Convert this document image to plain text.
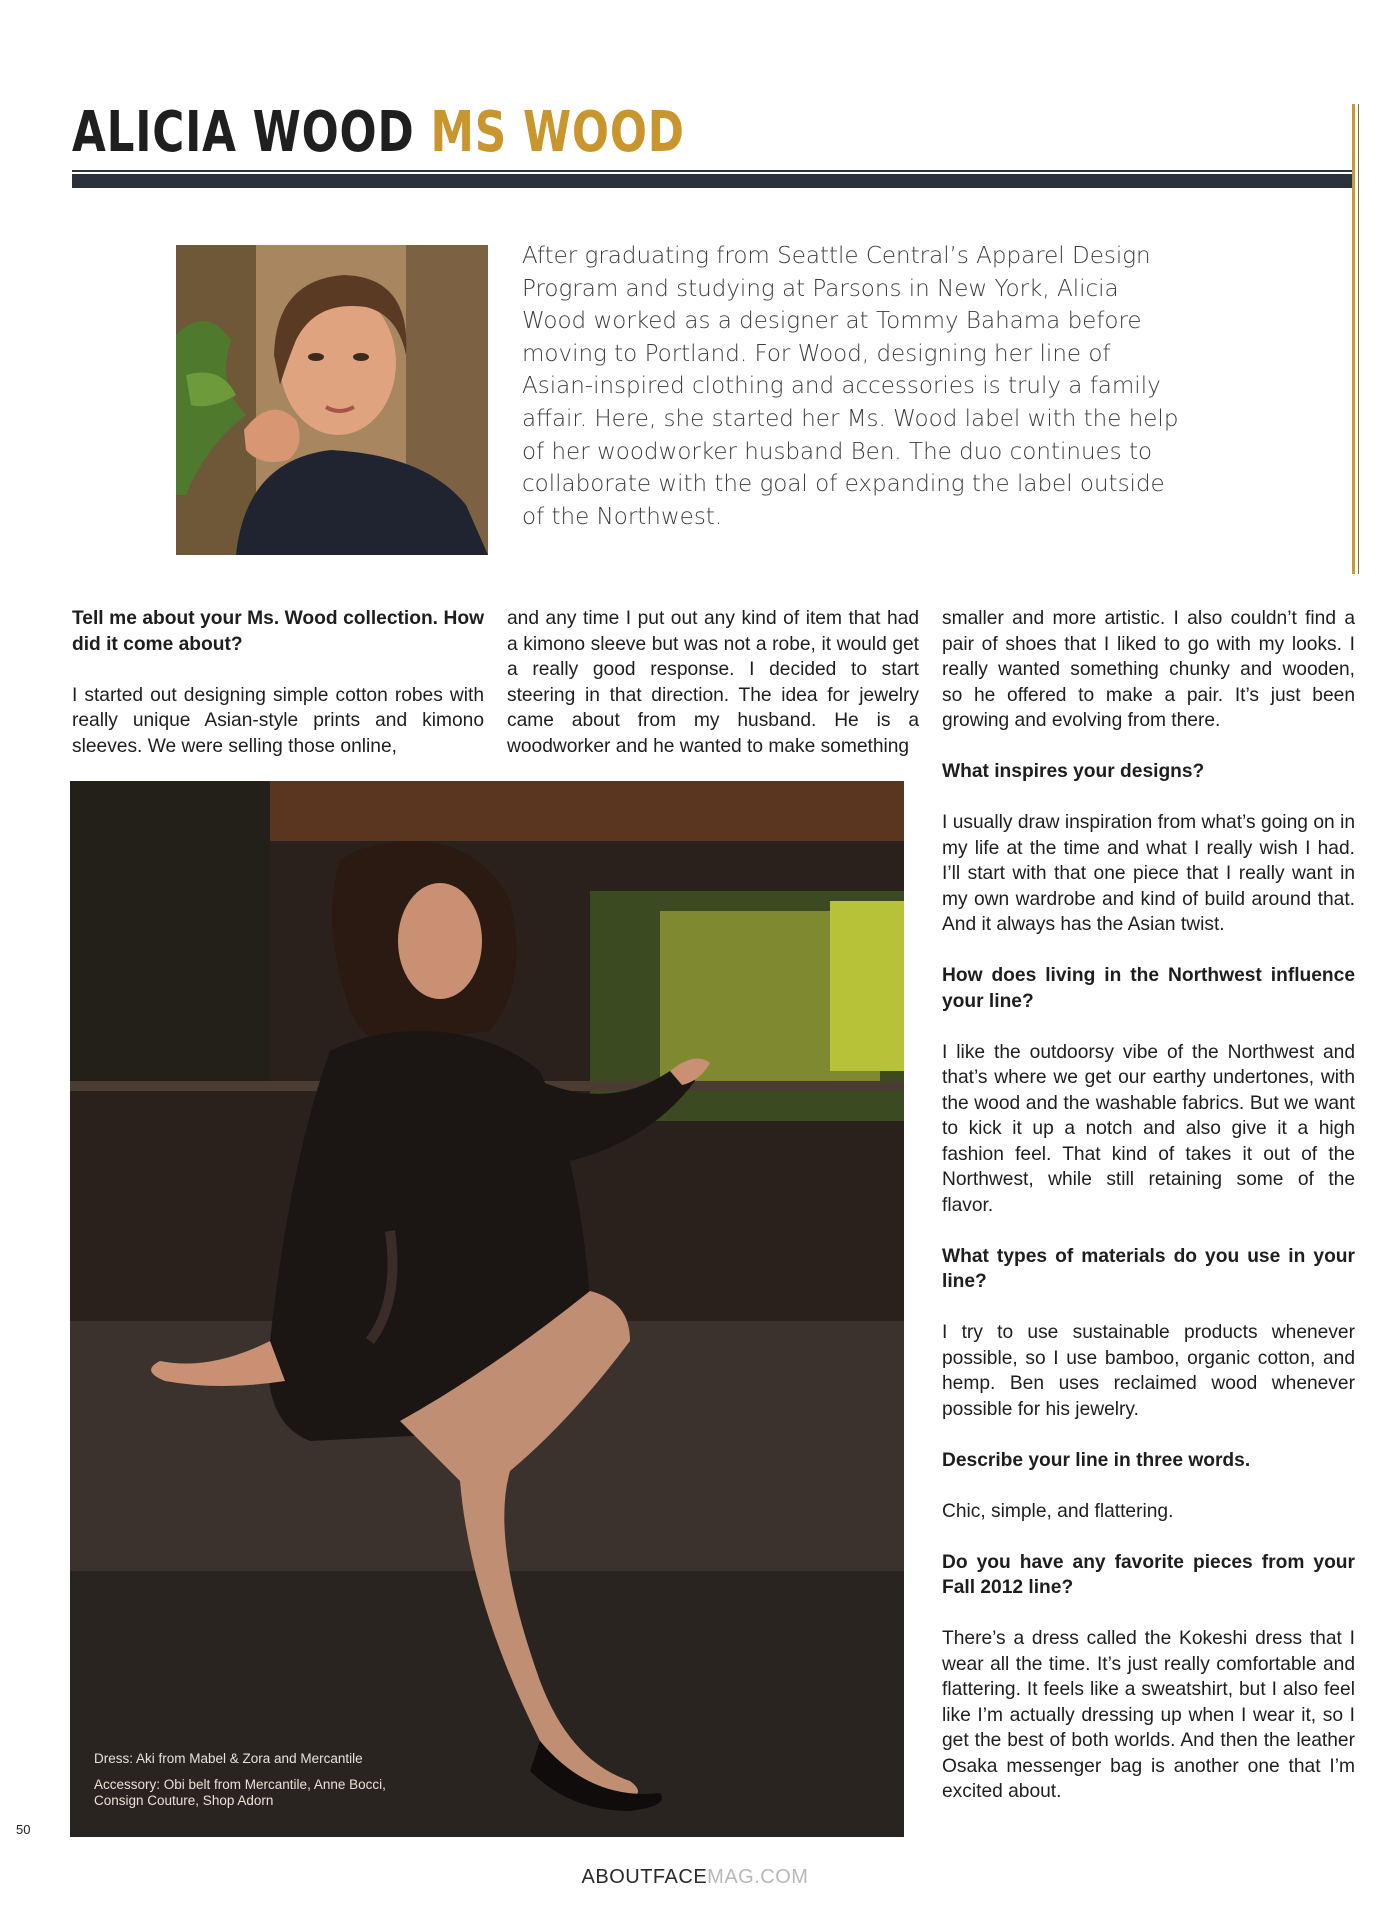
ALICIA WOOD MS WOOD

After graduating from Seattle Central’s Apparel Design Program and studying at Parsons in New York, Alicia Wood worked as a designer at Tommy Bahama before moving to Portland. For Wood, designing her line of Asian-inspired clothing and accessories is truly a family affair. Here, she started her Ms. Wood label with the help of her woodworker husband Ben. The duo continues to collaborate with the goal of expanding the label outside of the Northwest.

Tell me about your Ms. Wood collection. How did it come about?

I started out designing simple cotton robes with really unique Asian-style prints and kimono sleeves. We were selling those online,

and any time I put out any kind of item that had a kimono sleeve but was not a robe, it would get a really good response. I decided to start steering in that direction. The idea for jewelry came about from my husband. He is a woodworker and he wanted to make something

smaller and more artistic. I also couldn’t find a pair of shoes that I liked to go with my looks. I really wanted something chunky and wooden, so he offered to make a pair. It’s just been growing and evolving from there.

What inspires your designs?

I usually draw inspiration from what’s going on in my life at the time and what I really wish I had. I’ll start with that one piece that I really want in my own wardrobe and kind of build around that. And it always has the Asian twist.

How does living in the Northwest influence your line?

I like the outdoorsy vibe of the Northwest and that’s where we get our earthy undertones, with the wood and the washable fabrics. But we want to kick it up a notch and also give it a high fashion feel. That kind of takes it out of the Northwest, while still retaining some of the flavor.

What types of materials do you use in your line?

I try to use sustainable products whenever possible, so I use bamboo, organic cotton, and hemp. Ben uses reclaimed wood whenever possible for his jewelry.

Describe your line in three words.

Chic, simple, and flattering.

Do you have any favorite pieces from your Fall 2012 line?

There’s a dress called the Kokeshi dress that I wear all the time. It’s just really comfortable and flattering. It feels like a sweatshirt, but I also feel like I’m actually dressing up when I wear it, so I get the best of both worlds. And then the leather Osaka messenger bag is another one that I’m excited about.

Dress: Aki from Mabel & Zora and Mercantile

Accessory: Obi belt from Mercantile, Anne Bocci, Consign Couture, Shop Adorn

50
ABOUTFACEMAG.COM
